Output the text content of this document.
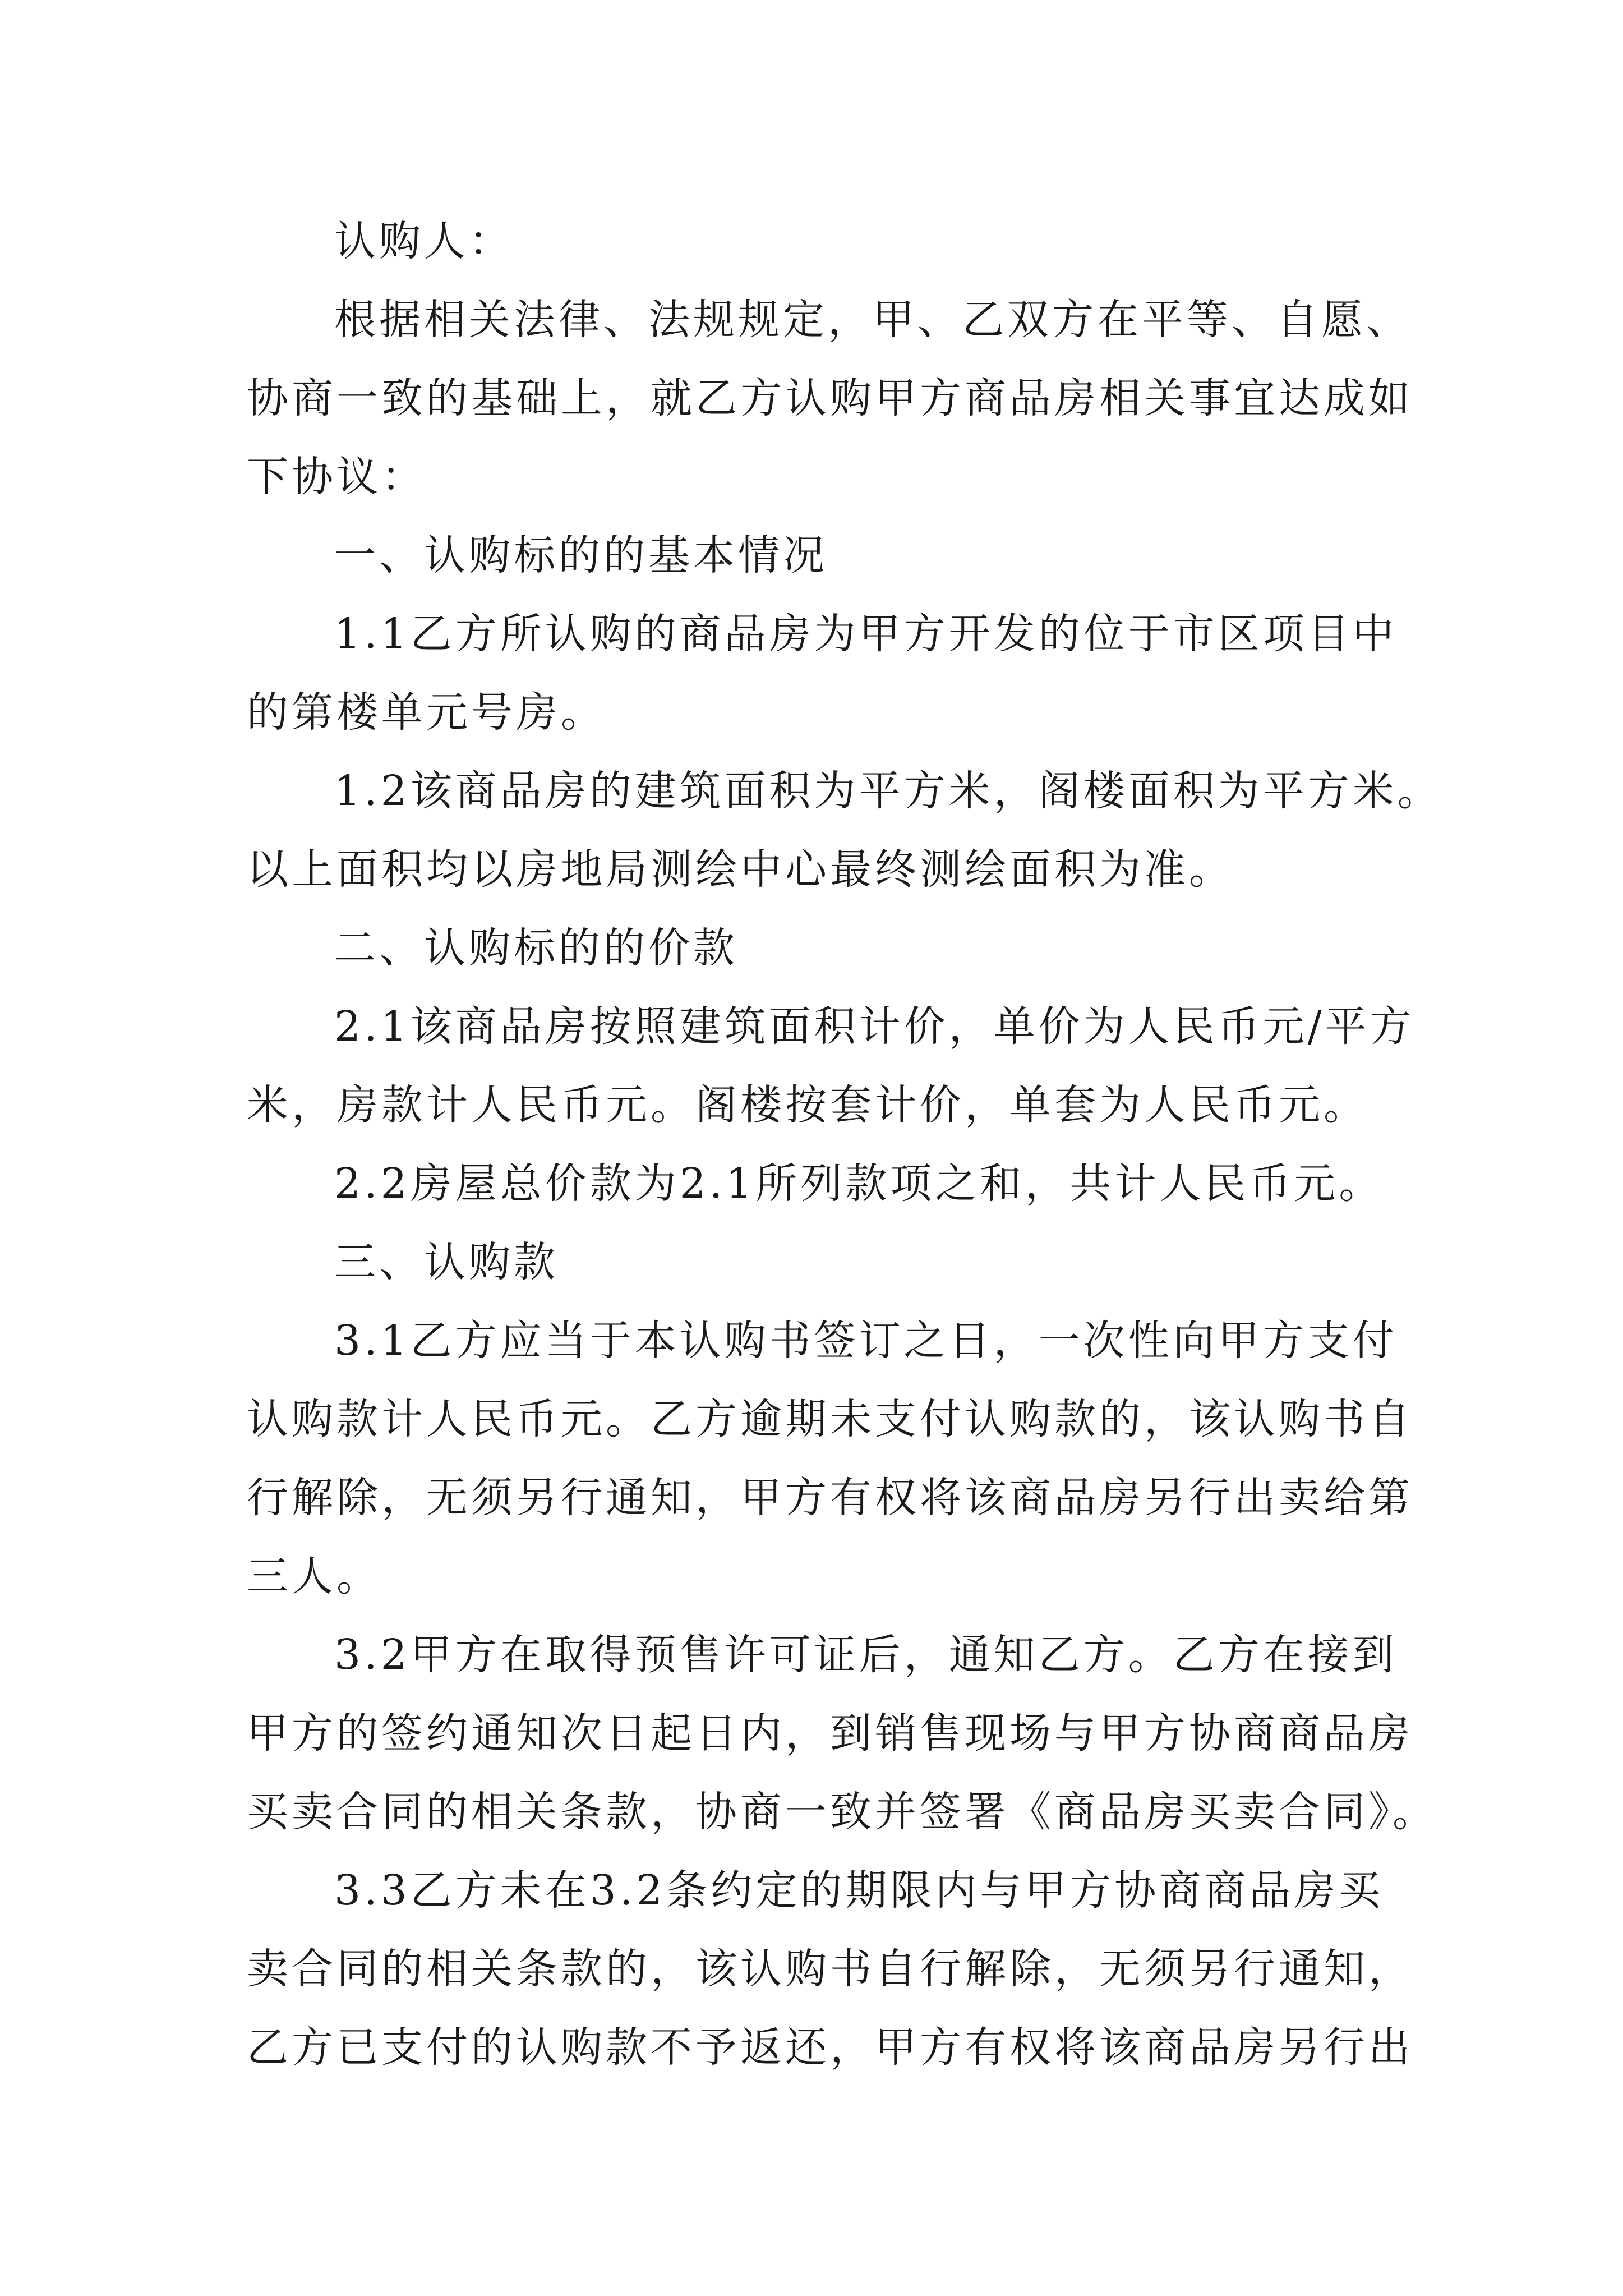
认购人：
根据相关法律、法规规定，甲、乙双方在平等、自愿、
协商一致的基础上，就乙方认购甲方商品房相关事宜达成如
下协议：
一、认购标的的基本情况
1.1乙方所认购的商品房为甲方开发的位于市区项目中
的第楼单元号房。
1.2该商品房的建筑面积为平方米，阁楼面积为平方米。
以上面积均以房地局测绘中心最终测绘面积为准。
二、认购标的的价款
2.1该商品房按照建筑面积计价，单价为人民币元/平方
米，房款计人民币元。阁楼按套计价，单套为人民币元。
2.2房屋总价款为2.1所列款项之和，共计人民币元。
三、认购款
3.1乙方应当于本认购书签订之日，一次性向甲方支付
认购款计人民币元。乙方逾期未支付认购款的，该认购书自
行解除，无须另行通知，甲方有权将该商品房另行出卖给第
三人。
3.2甲方在取得预售许可证后，通知乙方。乙方在接到
甲方的签约通知次日起日内，到销售现场与甲方协商商品房
买卖合同的相关条款，协商一致并签署《商品房买卖合同》。
3.3乙方未在3.2条约定的期限内与甲方协商商品房买
卖合同的相关条款的，该认购书自行解除，无须另行通知，
乙方已支付的认购款不予返还，甲方有权将该商品房另行出
